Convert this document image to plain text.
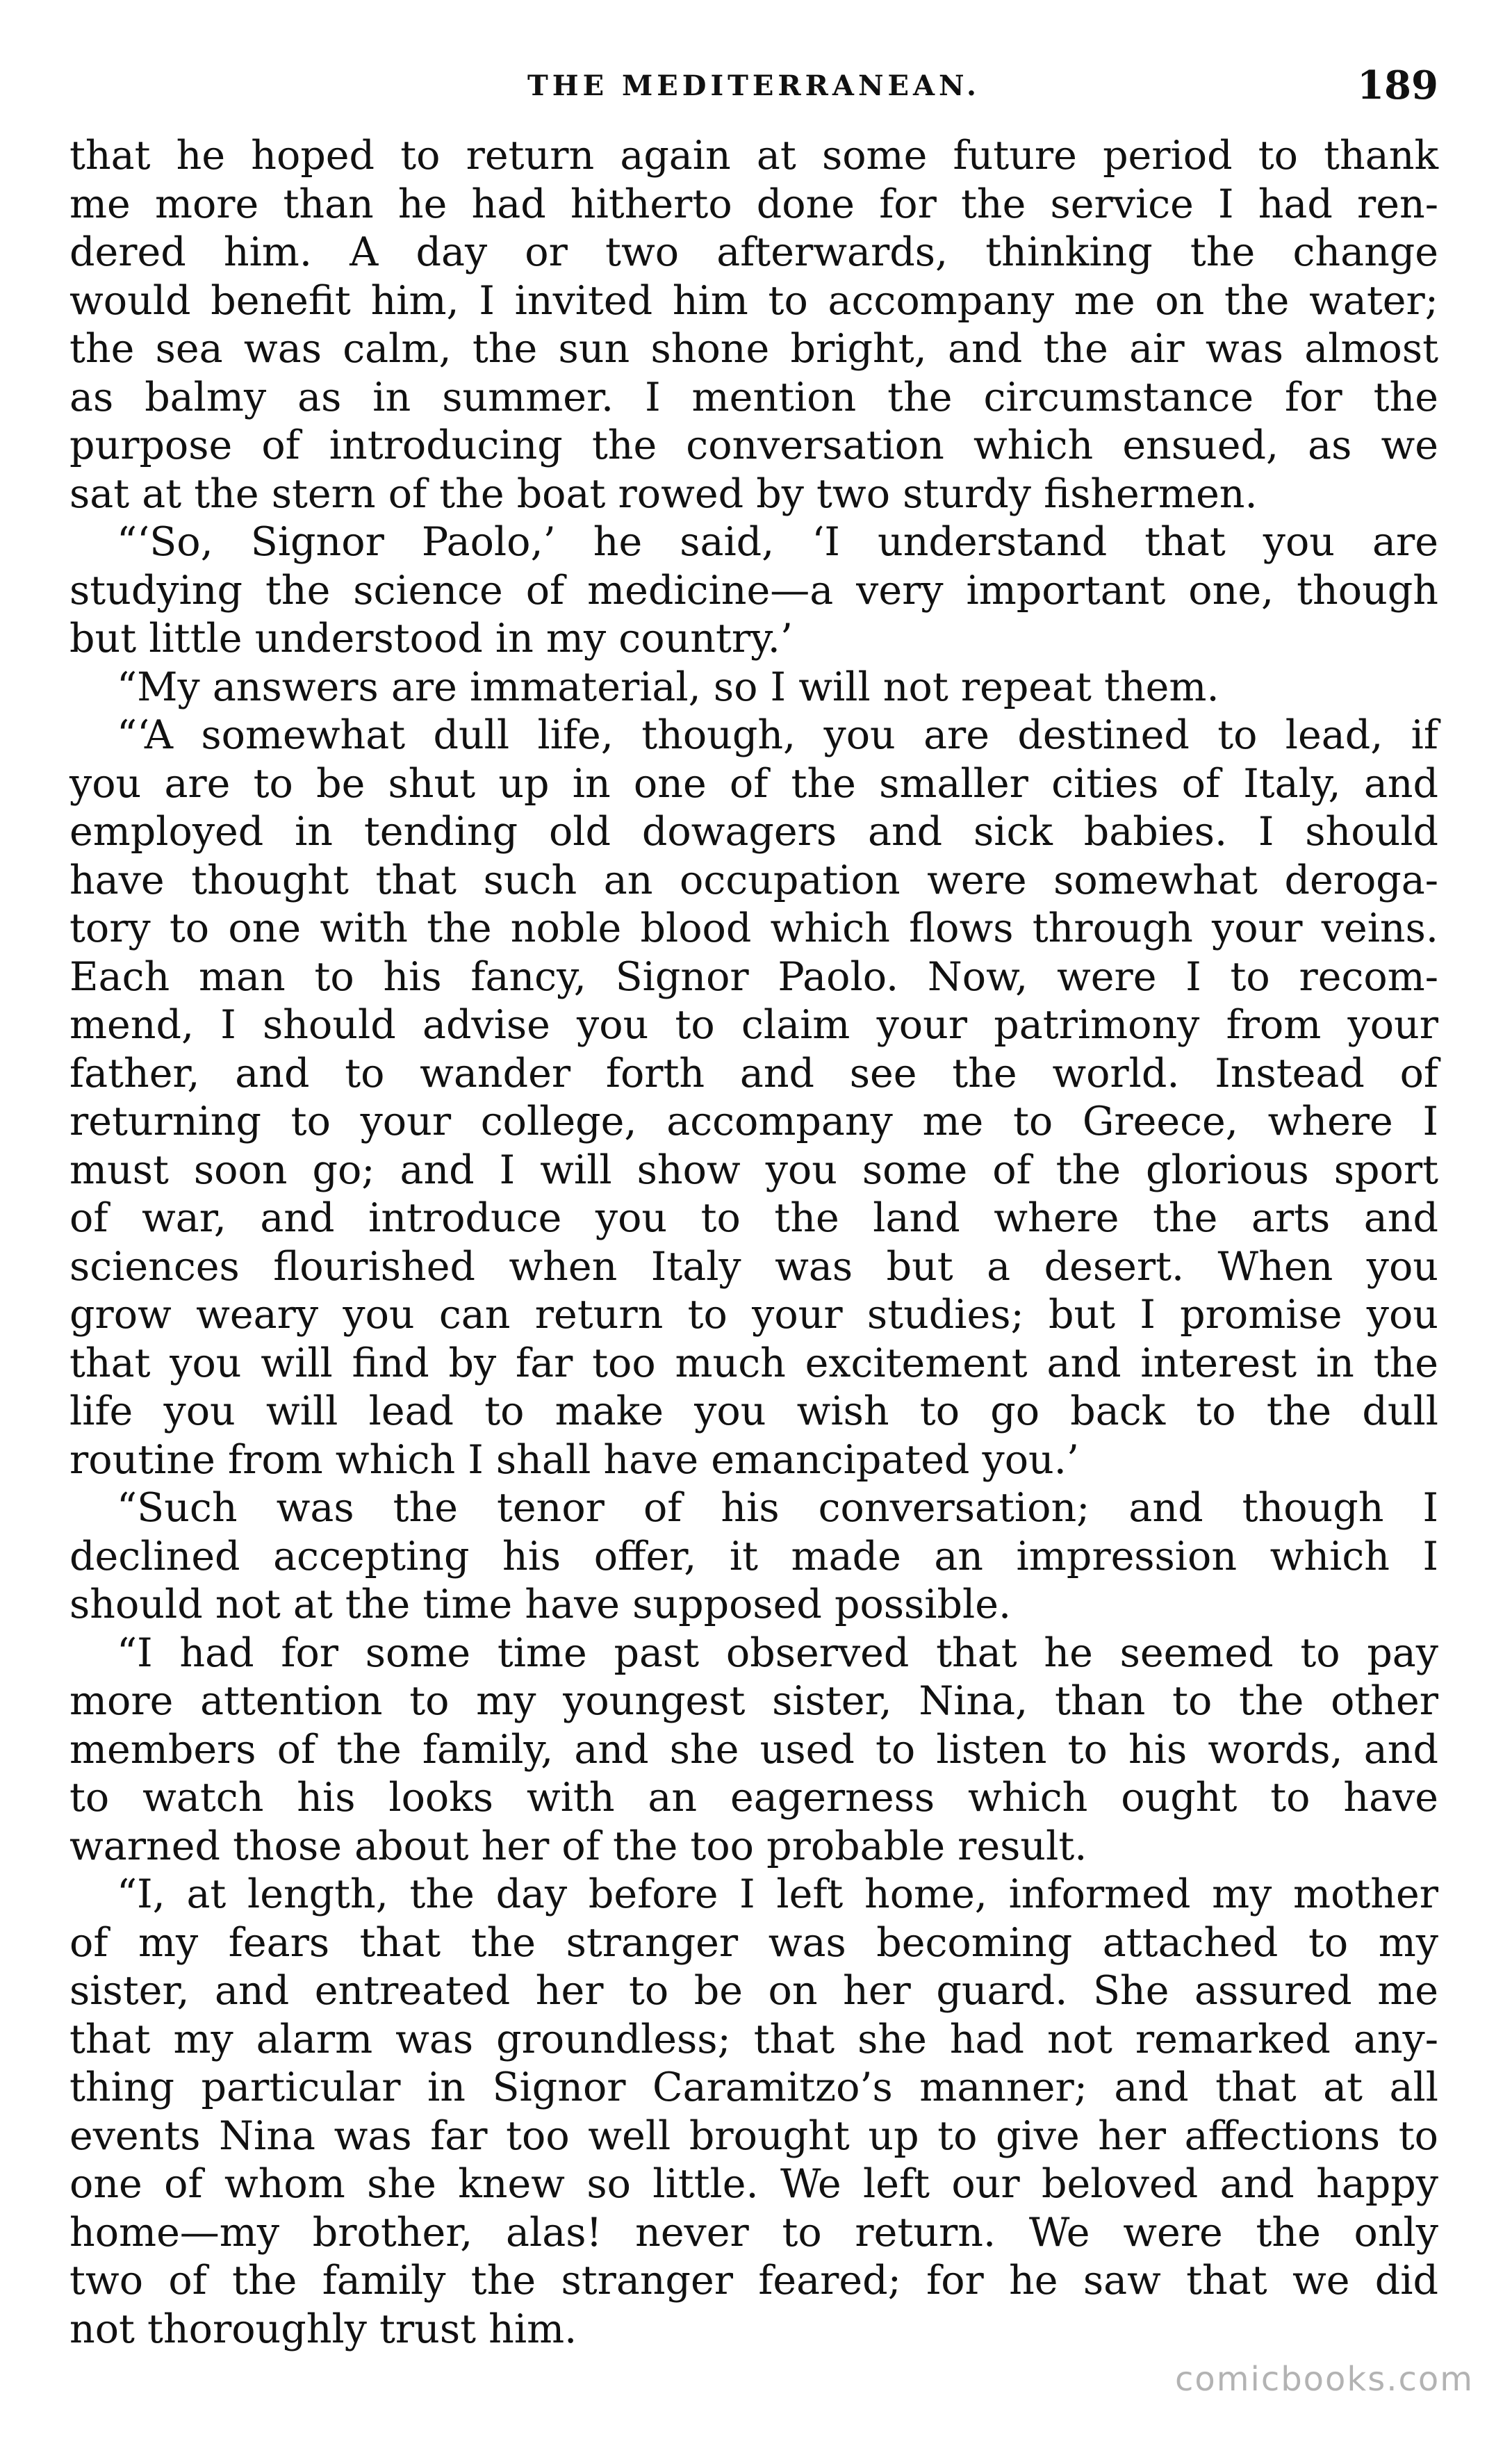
THE MEDITERRANEAN.	189
that he hoped to return again at some future period to thank
me more than he had hitherto done for the service I had ren-
dered him. A day or two afterwards, thinking the change
would benefit him, I invited him to accompany me on the water;
the sea was calm, the sun shone bright, and the air was almost
as balmy as in summer. I mention the circumstance for the
purpose of introducing the conversation which ensued, as we
sat at the stern of the boat rowed by two sturdy fishermen.
“‘So, Signor Paolo,’ he said, ‘I understand that you are
studying the science of medicine—a very important one, though
but little understood in my country.’
“My answers are immaterial, so I will not repeat them.
“‘A somewhat dull life, though, you are destined to lead, if
you are to be shut up in one of the smaller cities of Italy, and
employed in tending old dowagers and sick babies. I should
have thought that such an occupation were somewhat deroga-
tory to one with the noble blood which flows through your veins.
Each man to his fancy, Signor Paolo. Now, were I to recom-
mend, I should advise you to claim your patrimony from your
father, and to wander forth and see the world. Instead of
returning to your college, accompany me to Greece, where I
must soon go; and I will show you some of the glorious sport
of war, and introduce you to the land where the arts and
sciences flourished when Italy was but a desert. When you
grow weary you can return to your studies; but I promise you
that you will find by far too much excitement and interest in the
life you will lead to make you wish to go back to the dull
routine from which I shall have emancipated you.’
“Such was the tenor of his conversation; and though I
declined accepting his offer, it made an impression which I
should not at the time have supposed possible.
“I had for some time past observed that he seemed to pay
more attention to my youngest sister, Nina, than to the other
members of the family, and she used to listen to his words, and
to watch his looks with an eagerness which ought to have
warned those about her of the too probable result.
“I, at length, the day before I left home, informed my mother
of my fears that the stranger was becoming attached to my
sister, and entreated her to be on her guard. She assured me
that my alarm was groundless; that she had not remarked any-
thing particular in Signor Caramitzo’s manner; and that at all
events Nina was far too well brought up to give her affections to
one of whom she knew so little. We left our beloved and happy
home—my brother, alas! never to return. We were the only
two of the family the stranger feared; for he saw that we did
not thoroughly trust him.
comicbooks.com
